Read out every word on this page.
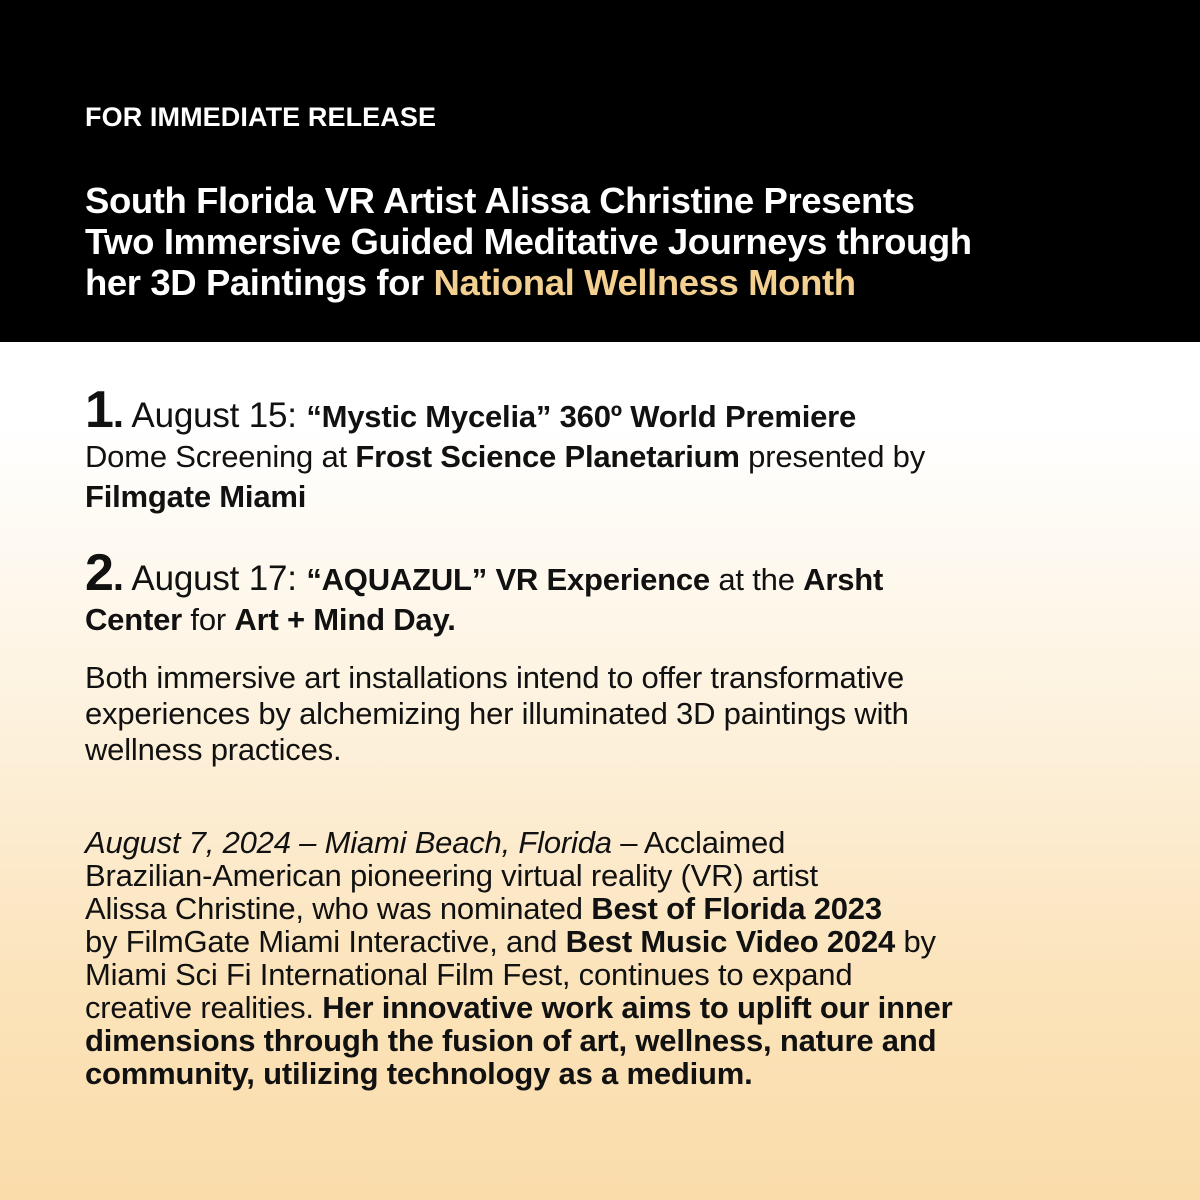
FOR IMMEDIATE RELEASE
South Florida VR Artist Alissa Christine Presents
Two Immersive Guided Meditative Journeys through
her 3D Paintings for National Wellness Month
1. August 15: “Mystic Mycelia” 360º World Premiere
Dome Screening at Frost Science Planetarium presented by
Filmgate Miami
2. August 17: “AQUAZUL” VR Experience at the Arsht
Center for Art + Mind Day.
Both immersive art installations intend to offer transformative
experiences by alchemizing her illuminated 3D paintings with
wellness practices.
August 7, 2024 – Miami Beach, Florida – Acclaimed
Brazilian-American pioneering virtual reality (VR) artist
Alissa Christine, who was nominated Best of Florida 2023
by FilmGate Miami Interactive, and Best Music Video 2024 by
Miami Sci Fi International Film Fest, continues to expand
creative realities. Her innovative work aims to uplift our inner
dimensions through the fusion of art, wellness, nature and
community, utilizing technology as a medium.
